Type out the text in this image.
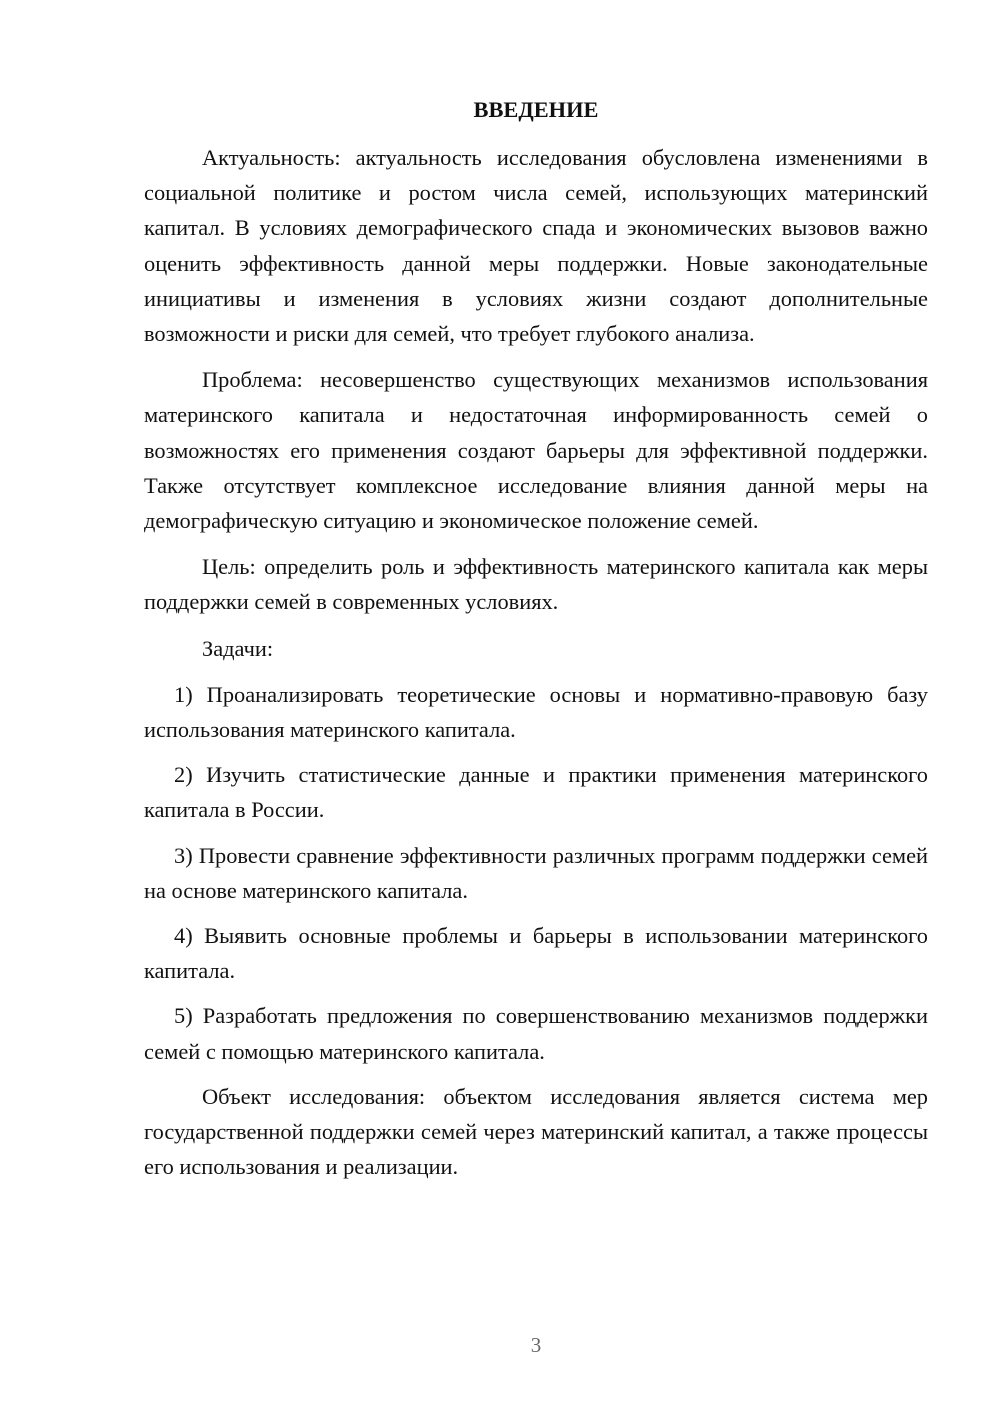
ВВЕДЕНИЕ

Актуальность: актуальность исследования обусловлена изменениями в социальной политике и ростом числа семей, использующих материнский капитал. В условиях демографического спада и экономических вызовов важно оценить эффективность данной меры поддержки. Новые законодательные инициативы и изменения в условиях жизни создают дополнительные возможности и риски для семей, что требует глубокого анализа.

Проблема: несовершенство существующих механизмов использования материнского капитала и недостаточная информированность семей о возможностях его применения создают барьеры для эффективной поддержки. Также отсутствует комплексное исследование влияния данной меры на демографическую ситуацию и экономическое положение семей.

Цель: определить роль и эффективность материнского капитала как меры поддержки семей в современных условиях.

Задачи:

1) Проанализировать теоретические основы и нормативно-правовую базу использования материнского капитала.

2) Изучить статистические данные и практики применения материнского капитала в России.

3) Провести сравнение эффективности различных программ поддержки семей на основе материнского капитала.

4) Выявить основные проблемы и барьеры в использовании материнского капитала.

5) Разработать предложения по совершенствованию механизмов поддержки семей с помощью материнского капитала.

Объект исследования: объектом исследования является система мер государственной поддержки семей через материнский капитал, а также процессы его использования и реализации.

3
